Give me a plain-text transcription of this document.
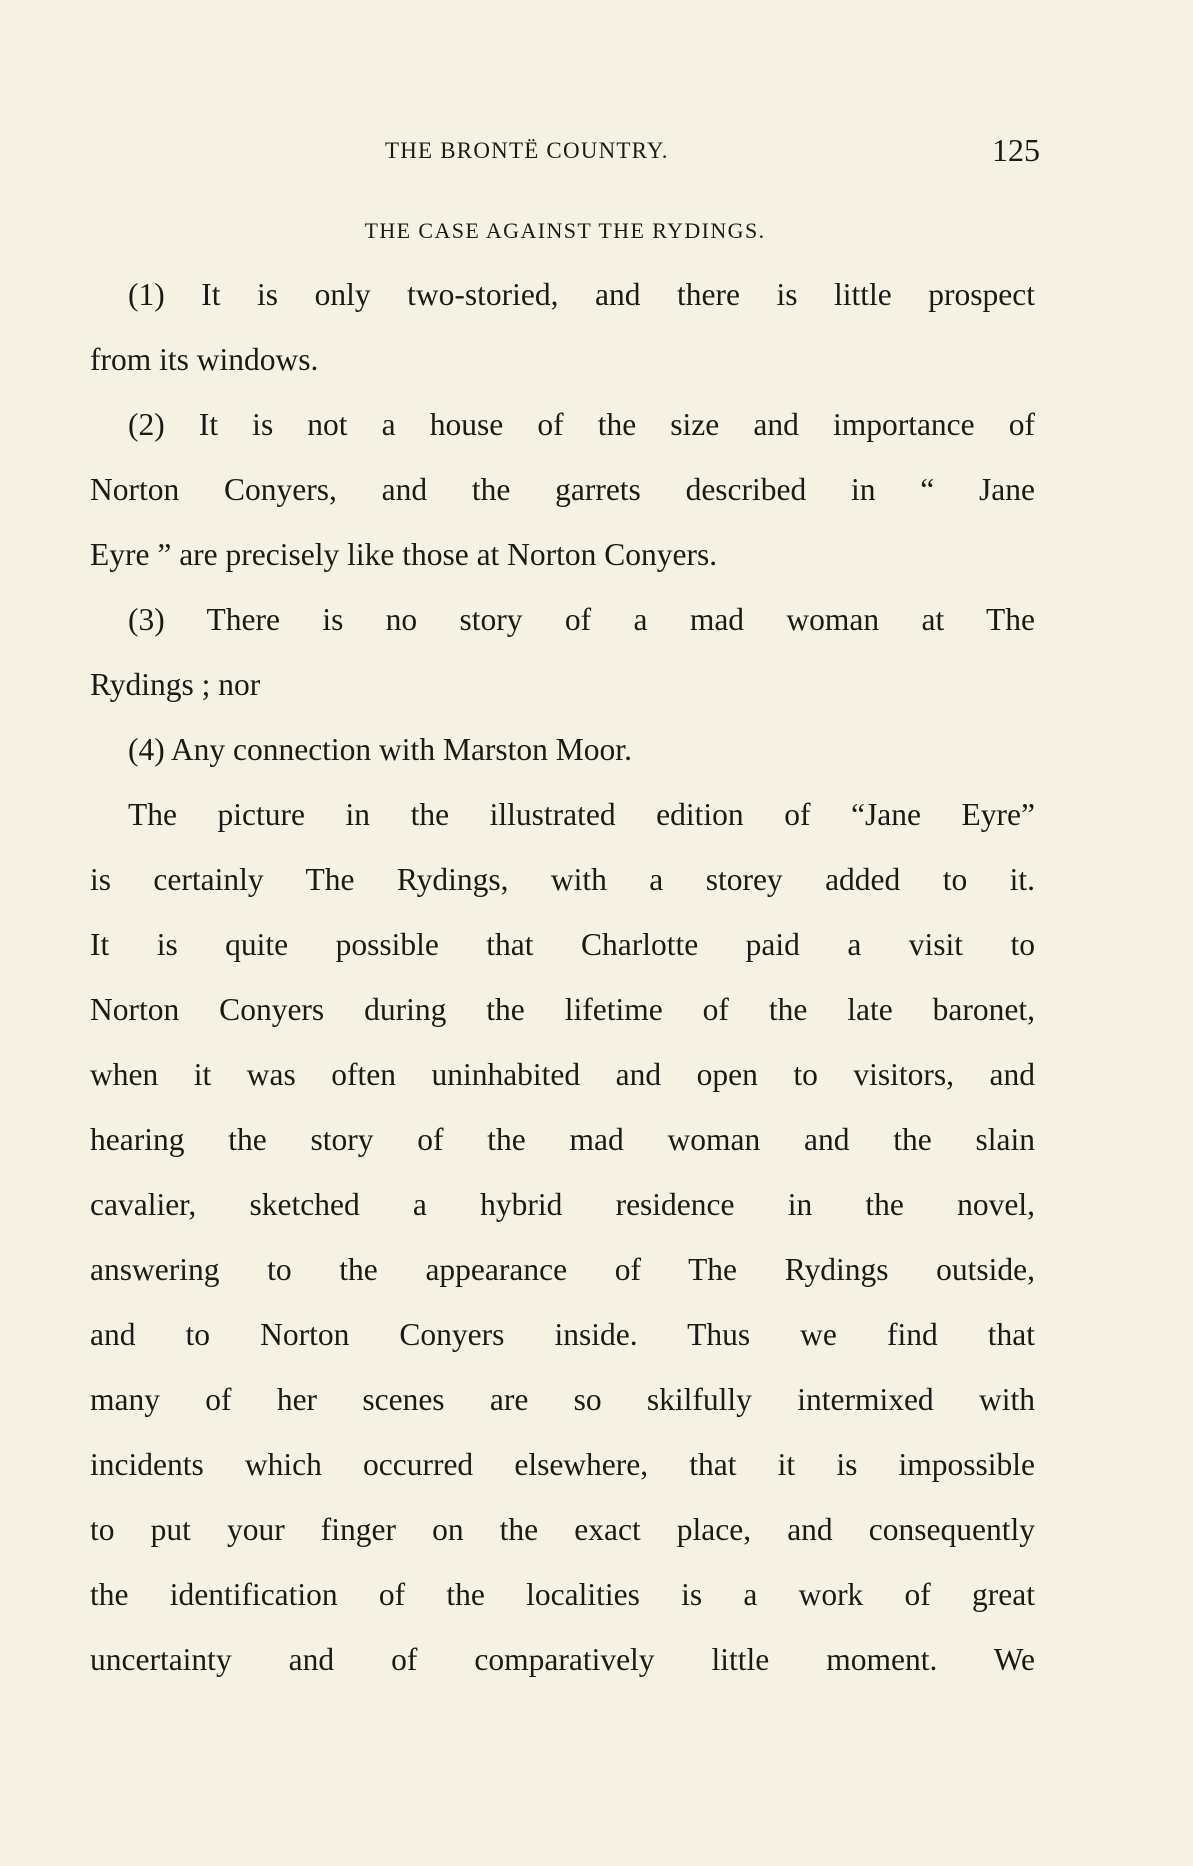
THE BRONTË COUNTRY.	125
THE CASE AGAINST THE RYDINGS.
(1) It is only two-storied, and there is little prospect
from its windows.
(2) It is not a house of the size and importance of
Norton Conyers, and the garrets described in “ Jane
Eyre ” are precisely like those at Norton Conyers.
(3) There is no story of a mad woman at The
Rydings ; nor
(4) Any connection with Marston Moor.
The picture in the illustrated edition of “Jane Eyre”
is certainly The Rydings, with a storey added to it.
It is quite possible that Charlotte paid a visit to
Norton Conyers during the lifetime of the late baronet,
when it was often uninhabited and open to visitors, and
hearing the story of the mad woman and the slain
cavalier, sketched a hybrid residence in the novel,
answering to the appearance of The Rydings outside,
and to Norton Conyers inside. Thus we find that
many of her scenes are so skilfully intermixed with
incidents which occurred elsewhere, that it is impossible
to put your finger on the exact place, and consequently
the identification of the localities is a work of great
uncertainty and of comparatively little moment. We
